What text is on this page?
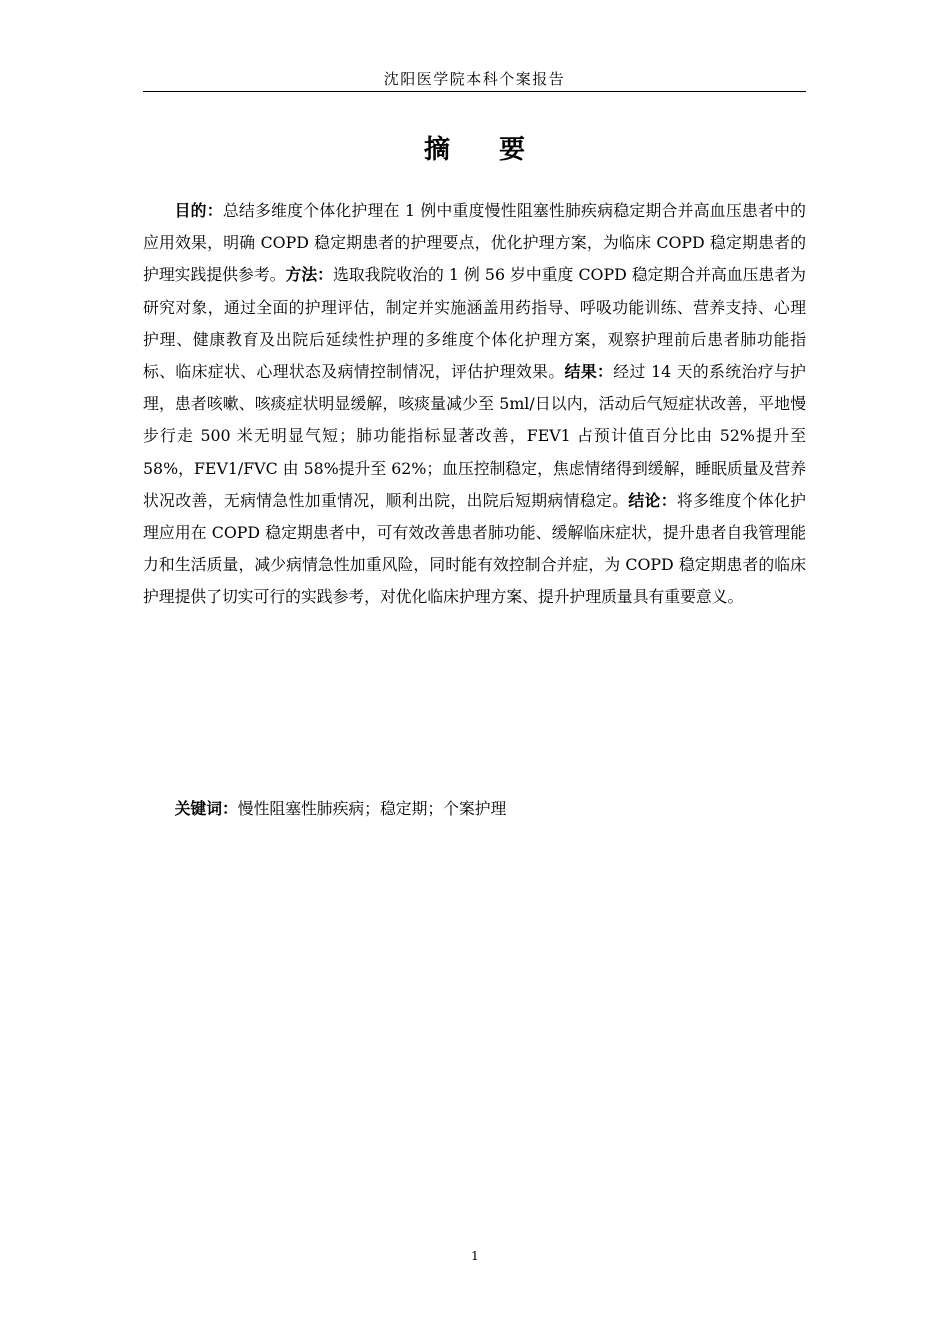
沈阳医学院本科个案报告
摘 要

目的：总结多维度个体化护理在 1 例中重度慢性阻塞性肺疾病稳定期合并高血压患者中的应用效果，明确 COPD 稳定期患者的护理要点，优化护理方案，为临床 COPD 稳定期患者的护理实践提供参考。方法：选取我院收治的 1 例 56 岁中重度 COPD 稳定期合并高血压患者为研究对象，通过全面的护理评估，制定并实施涵盖用药指导、呼吸功能训练、营养支持、心理护理、健康教育及出院后延续性护理的多维度个体化护理方案，观察护理前后患者肺功能指标、临床症状、心理状态及病情控制情况，评估护理效果。结果：经过 14 天的系统治疗与护理，患者咳嗽、咳痰症状明显缓解，咳痰量减少至 5ml/日以内，活动后气短症状改善，平地慢步行走 500 米无明显气短；肺功能指标显著改善，FEV1 占预计值百分比由 52%提升至 58%，FEV1/FVC 由 58%提升至 62%；血压控制稳定，焦虑情绪得到缓解，睡眠质量及营养状况改善，无病情急性加重情况，顺利出院，出院后短期病情稳定。结论：将多维度个体化护理应用在 COPD 稳定期患者中，可有效改善患者肺功能、缓解临床症状，提升患者自我管理能力和生活质量，减少病情急性加重风险，同时能有效控制合并症，为 COPD 稳定期患者的临床护理提供了切实可行的实践参考，对优化临床护理方案、提升护理质量具有重要意义。

关键词：慢性阻塞性肺疾病；稳定期；个案护理

1
